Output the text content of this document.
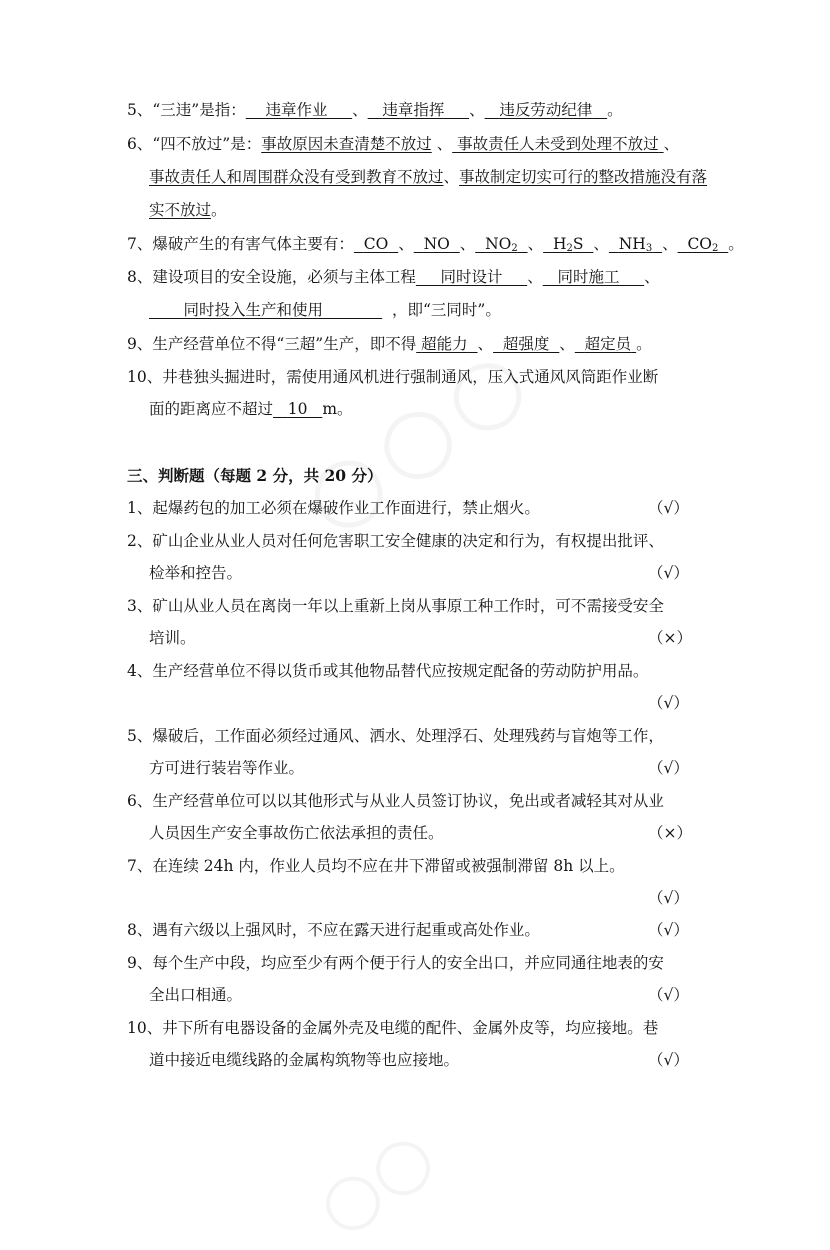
5、“三违”是指： 违章作业 、 违章指挥 、 违反劳动纪律 。
6、“四不放过”是：事故原因未查清楚不放过 、 事故责任人未受到处理不放过 、
事故责任人和周围群众没有受到教育不放过、事故制定切实可行的整改措施没有落
实不放过。
7、爆破产生的有害气体主要有： CO 、 NO 、 $NO_2$ 、 $H_2S$ 、 $NH_3$ 、 $CO_2$ 。
8、建设项目的安全设施，必须与主体工程 同时设计 、 同时施工 、
同时投入生产和使用	，即“三同时”。
9、生产经营单位不得“三超”生产，即不得 超能力 、 超强度 、 超定员 。
10、井巷独头掘进时，需使用通风机进行强制通风，压入式通风风筒距作业断
面的距离应不超过 10 m。
三、判断题（每题 2 分，共 20 分）
1、起爆药包的加工必须在爆破作业工作面进行，禁止烟火。	（√）
2、矿山企业从业人员对任何危害职工安全健康的决定和行为，有权提出批评、
检举和控告。	（√）
3、矿山从业人员在离岗一年以上重新上岗从事原工种工作时，可不需接受安全
培训。	（×）
4、生产经营单位不得以货币或其他物品替代应按规定配备的劳动防护用品。
（√）
5、爆破后，工作面必须经过通风、洒水、处理浮石、处理残药与盲炮等工作，
方可进行装岩等作业。	（√）
6、生产经营单位可以以其他形式与从业人员签订协议，免出或者减轻其对从业
人员因生产安全事故伤亡依法承担的责任。	（×）
7、在连续 24h 内，作业人员均不应在井下滞留或被强制滞留 8h 以上。
（√）
8、遇有六级以上强风时，不应在露天进行起重或高处作业。	（√）
9、每个生产中段，均应至少有两个便于行人的安全出口，并应同通往地表的安
全出口相通。	（√）
10、井下所有电器设备的金属外壳及电缆的配件、金属外皮等，均应接地。巷
道中接近电缆线路的金属构筑物等也应接地。	（√）
